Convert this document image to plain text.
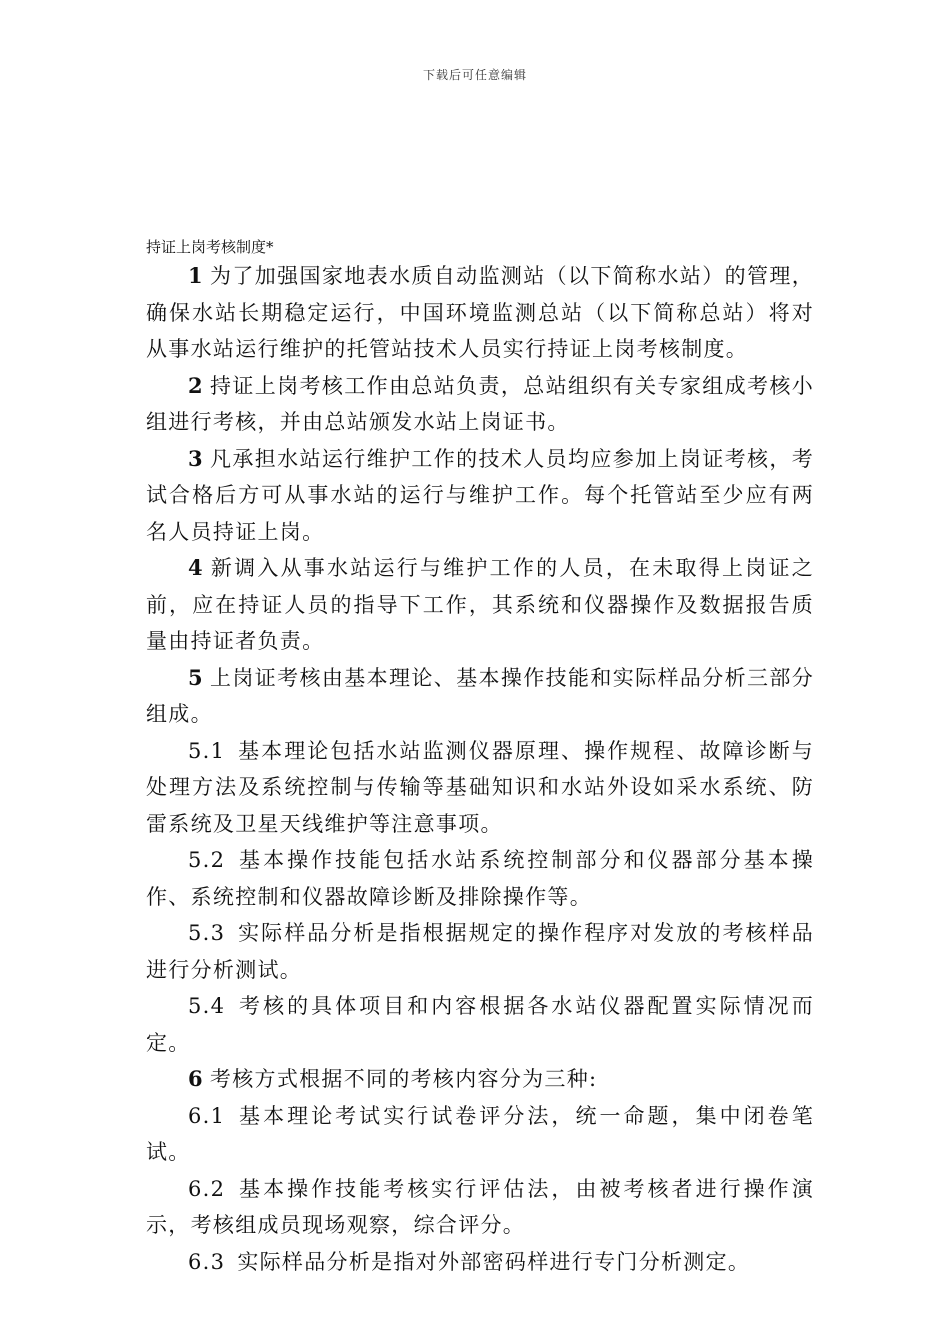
下载后可任意编辑
持证上岗考核制度*

1 为了加强国家地表水质自动监测站（以下简称水站）的管理，确保水站长期稳定运行，中国环境监测总站（以下简称总站）将对从事水站运行维护的托管站技术人员实行持证上岗考核制度。

2 持证上岗考核工作由总站负责，总站组织有关专家组成考核小组进行考核，并由总站颁发水站上岗证书。

3 凡承担水站运行维护工作的技术人员均应参加上岗证考核，考试合格后方可从事水站的运行与维护工作。每个托管站至少应有两名人员持证上岗。

4 新调入从事水站运行与维护工作的人员，在未取得上岗证之前，应在持证人员的指导下工作，其系统和仪器操作及数据报告质量由持证者负责。

5 上岗证考核由基本理论、基本操作技能和实际样品分析三部分组成。

5.1 基本理论包括水站监测仪器原理、操作规程、故障诊断与处理方法及系统控制与传输等基础知识和水站外设如采水系统、防雷系统及卫星天线维护等注意事项。

5.2 基本操作技能包括水站系统控制部分和仪器部分基本操作、系统控制和仪器故障诊断及排除操作等。

5.3 实际样品分析是指根据规定的操作程序对发放的考核样品进行分析测试。

5.4 考核的具体项目和内容根据各水站仪器配置实际情况而定。

6 考核方式根据不同的考核内容分为三种:

6.1 基本理论考试实行试卷评分法，统一命题，集中闭卷笔试。

6.2 基本操作技能考核实行评估法，由被考核者进行操作演示，考核组成员现场观察，综合评分。

6.3 实际样品分析是指对外部密码样进行专门分析测定。
